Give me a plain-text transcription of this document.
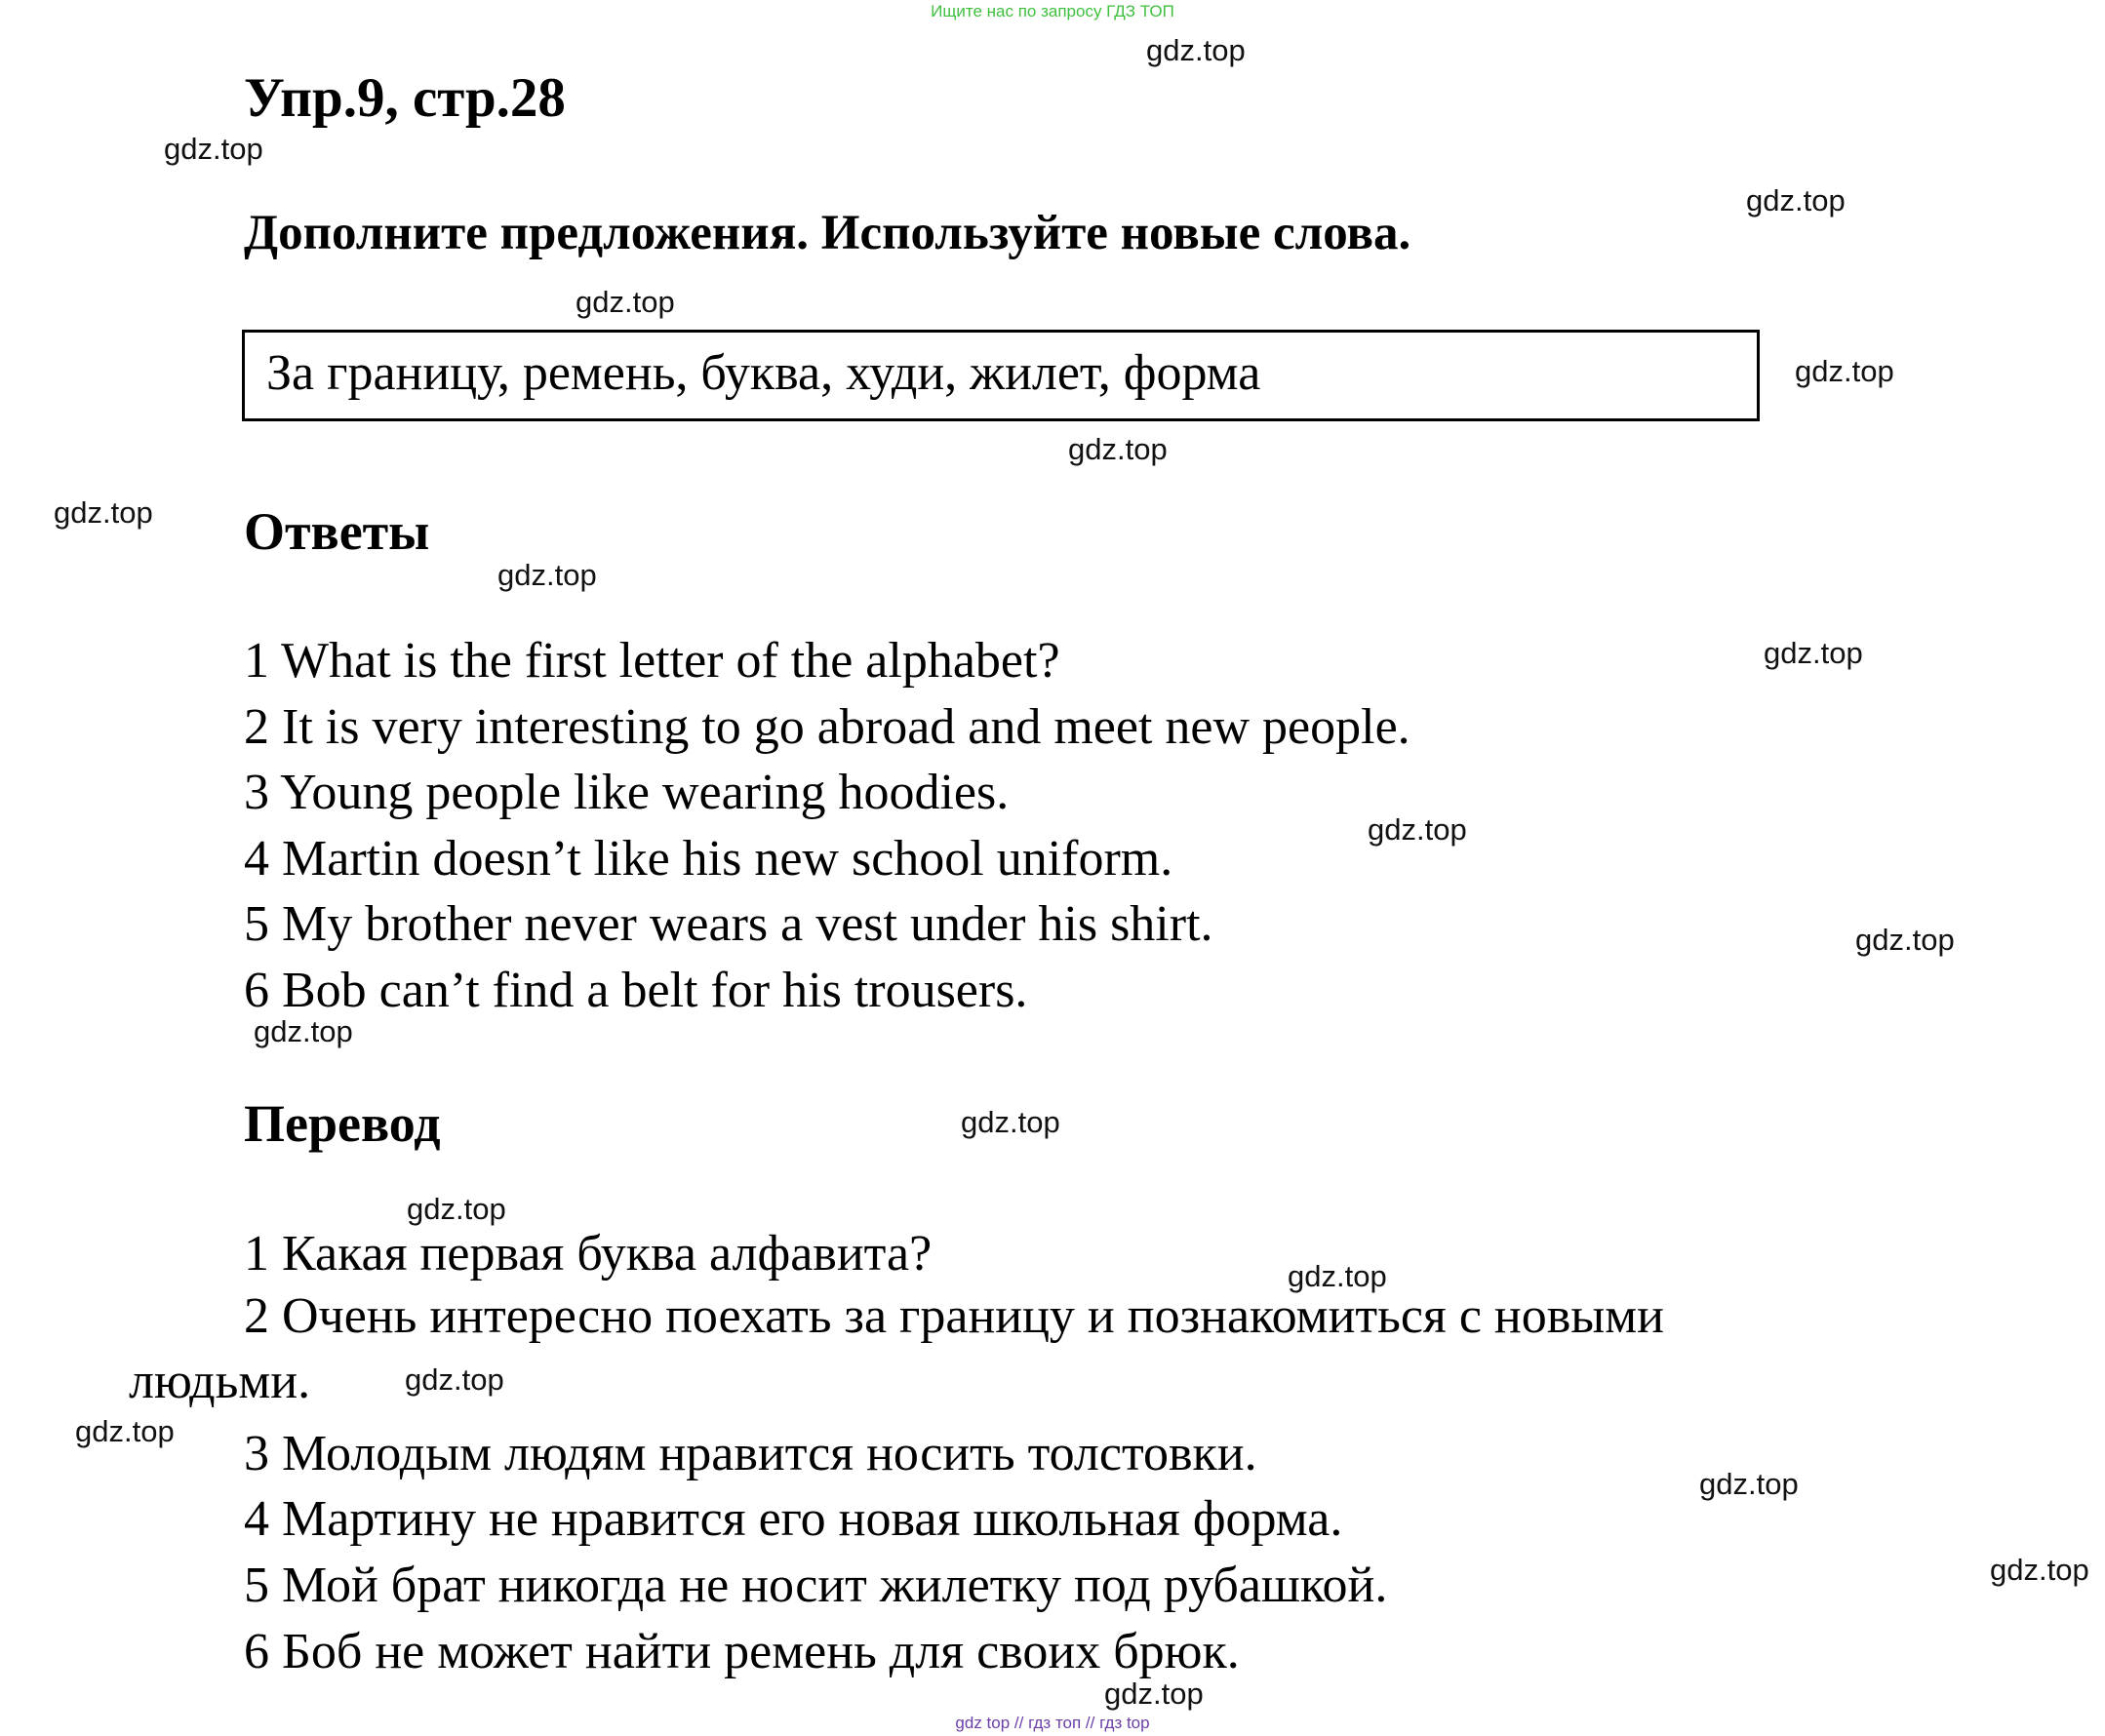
Ищите нас по запросу ГДЗ ТОП
Упр.9, стр.28
Дополните предложения. Используйте новые слова.
За границу, ремень, буква, худи, жилет, форма
Ответы
1 What is the first letter of the alphabet?
2 It is very interesting to go abroad and meet new people.
3 Young people like wearing hoodies.
4 Martin doesn’t like his new school uniform.
5 My brother never wears a vest under his shirt.
6 Bob can’t find a belt for his trousers.
Перевод
1 Какая первая буква алфавита?
2 Очень интересно поехать за границу и познакомиться с новыми
людьми.
3 Молодым людям нравится носить толстовки.
4 Мартину не нравится его новая школьная форма.
5 Мой брат никогда не носит жилетку под рубашкой.
6 Боб не может найти ремень для своих брюк.
gdz.top
gdz.top
gdz.top
gdz.top
gdz.top
gdz.top
gdz.top
gdz.top
gdz.top
gdz.top
gdz.top
gdz.top
gdz.top
gdz.top
gdz.top
gdz.top
gdz.top
gdz.top
gdz.top
gdz.top
gdz top // гдз топ // гдз top
